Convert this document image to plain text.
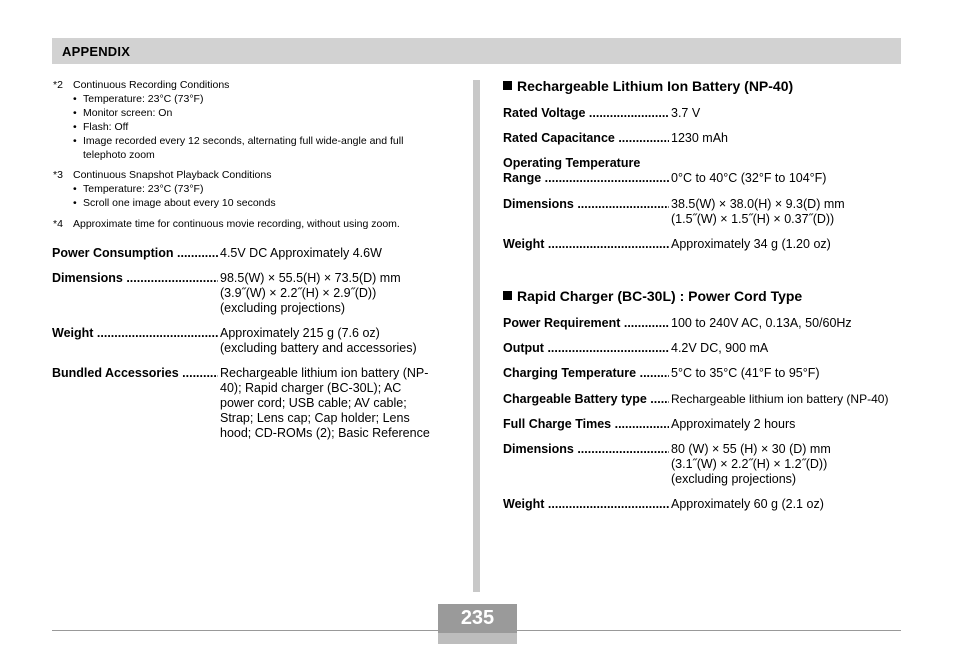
APPENDIX
*2 Continuous Recording Conditions
• Temperature: 23°C (73°F)
• Monitor screen: On
• Flash: Off
• Image recorded every 12 seconds, alternating full wide-angle and full
telephoto zoom
*3 Continuous Snapshot Playback Conditions
• Temperature: 23°C (73°F)
• Scroll one image about every 10 seconds
*4 Approximate time for continuous movie recording, without using zoom.
Power Consumption .....	4.5V DC Approximately 4.6W
Dimensions .....	98.5(W) × 55.5(H) × 73.5(D) mm
(3.9˝(W) × 2.2˝(H) × 2.9˝(D))
(excluding projections)
Weight .....	Approximately 215 g (7.6 oz)
(excluding battery and accessories)
Bundled Accessories .....	Rechargeable lithium ion battery (NP-
40); Rapid charger (BC-30L); AC
power cord; USB cable; AV cable;
Strap; Lens cap; Cap holder; Lens
hood; CD-ROMs (2); Basic Reference
Rechargeable Lithium Ion Battery (NP-40)
Rated Voltage .....	3.7 V
Rated Capacitance .....	1230 mAh
Operating Temperature
Range .....	0°C to 40°C (32°F to 104°F)
Dimensions .....	38.5(W) × 38.0(H) × 9.3(D) mm
(1.5˝(W) × 1.5˝(H) × 0.37˝(D))
Weight .....	Approximately 34 g (1.20 oz)
Rapid Charger (BC-30L) : Power Cord Type
Power Requirement .....	100 to 240V AC, 0.13A, 50/60Hz
Output .....	4.2V DC, 900 mA
Charging Temperature .....	5°C to 35°C (41°F to 95°F)
Chargeable Battery type .....	Rechargeable lithium ion battery (NP-40)
Full Charge Times .....	Approximately 2 hours
Dimensions .....	80 (W) × 55 (H) × 30 (D) mm
(3.1˝(W) × 2.2˝(H) × 1.2˝(D))
(excluding projections)
Weight .....	Approximately 60 g (2.1 oz)
235
